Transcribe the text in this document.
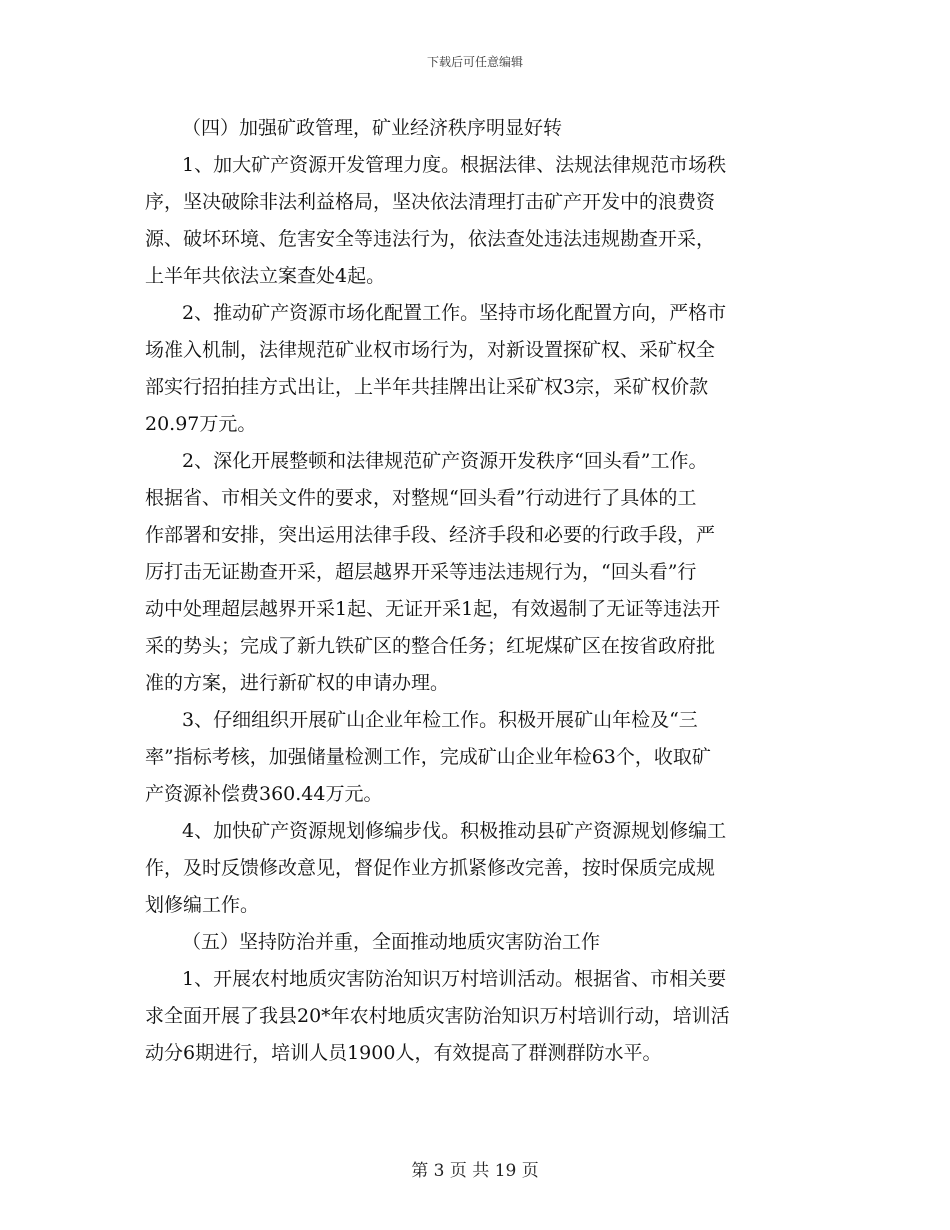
下载后可任意编辑
（四）加强矿政管理，矿业经济秩序明显好转
1、加大矿产资源开发管理力度。根据法律、法规法律规范市场秩
序，坚决破除非法利益格局，坚决依法清理打击矿产开发中的浪费资
源、破坏环境、危害安全等违法行为，依法查处违法违规勘查开采，
上半年共依法立案查处4起。
2、推动矿产资源市场化配置工作。坚持市场化配置方向，严格市
场准入机制，法律规范矿业权市场行为，对新设置探矿权、采矿权全
部实行招拍挂方式出让，上半年共挂牌出让采矿权3宗，采矿权价款
20.97万元。
2、深化开展整顿和法律规范矿产资源开发秩序“回头看”工作。
根据省、市相关文件的要求，对整规“回头看”行动进行了具体的工
作部署和安排，突出运用法律手段、经济手段和必要的行政手段，严
厉打击无证勘查开采，超层越界开采等违法违规行为，“回头看”行
动中处理超层越界开采1起、无证开采1起，有效遏制了无证等违法开
采的势头；完成了新九铁矿区的整合任务；红坭煤矿区在按省政府批
准的方案，进行新矿权的申请办理。
3、仔细组织开展矿山企业年检工作。积极开展矿山年检及“三
率”指标考核，加强储量检测工作，完成矿山企业年检63个，收取矿
产资源补偿费360.44万元。
4、加快矿产资源规划修编步伐。积极推动县矿产资源规划修编工
作，及时反馈修改意见，督促作业方抓紧修改完善，按时保质完成规
划修编工作。
（五）坚持防治并重，全面推动地质灾害防治工作
1、开展农村地质灾害防治知识万村培训活动。根据省、市相关要
求全面开展了我县20*年农村地质灾害防治知识万村培训行动，培训活
动分6期进行，培训人员1900人，有效提高了群测群防水平。
第 3 页 共 19 页
